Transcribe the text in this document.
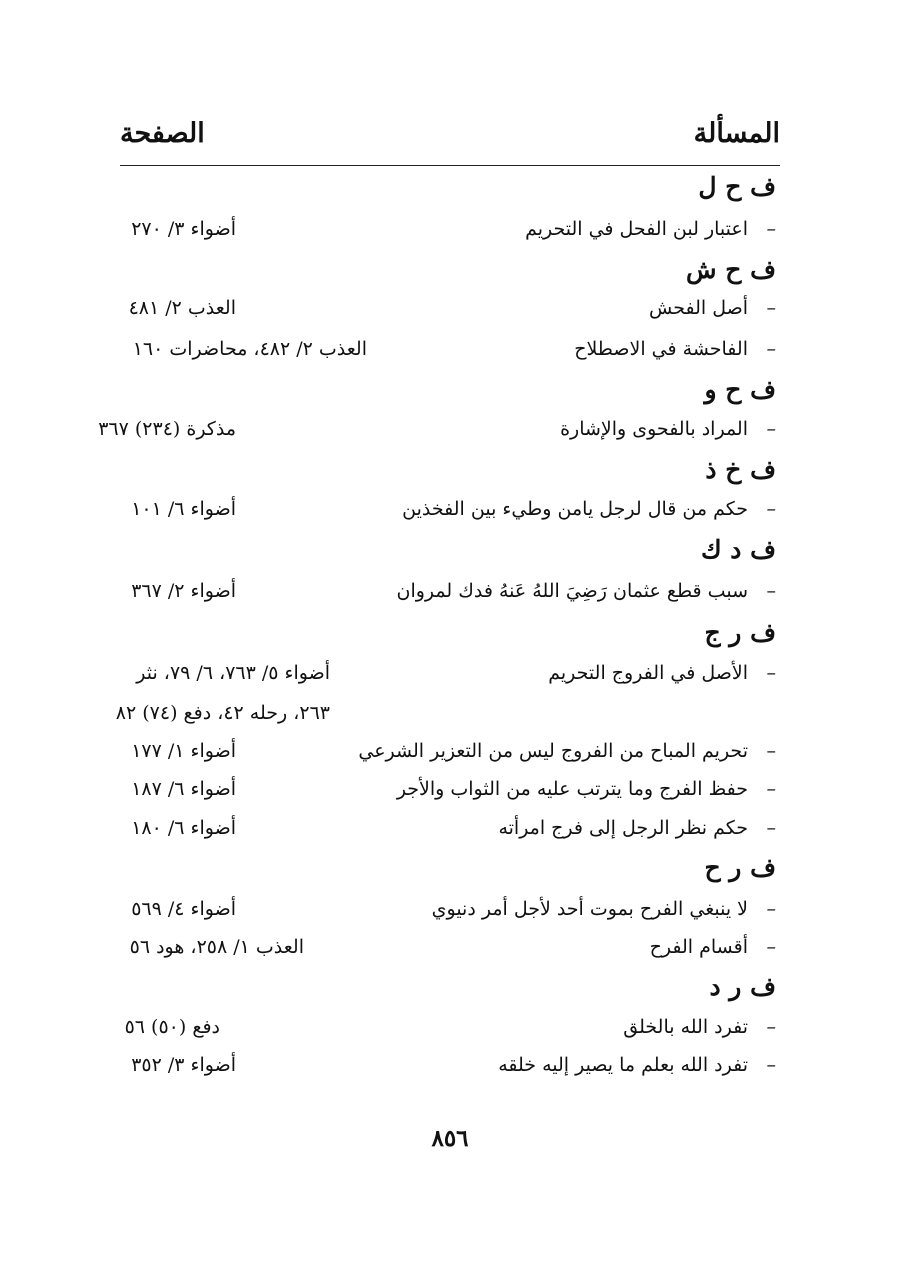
المسألة
الصفحة
ف ح ل
–اعتبار لبن الفحل في التحريم
أضواء ٣/ ٢٧٠
ف ح ش
–أصل الفحش
العذب ٢/ ٤٨١
–الفاحشة في الاصطلاح
العذب ٢/ ٤٨٢، محاضرات ١٦٠
ف ح و
–المراد بالفحوى والإشارة
مذكرة (٢٣٤) ٣٦٧
ف خ ذ
–حكم من قال لرجل يامن وطيء بين الفخذين
أضواء ٦/ ١٠١
ف د ك
–سبب قطع عثمان رَضِيَ اللهُ عَنهُ فدك لمروان
أضواء ٢/ ٣٦٧
ف ر ج
–الأصل في الفروج التحريم
أضواء ٥/ ٧٦٣، ٦/ ٧٩، نثر
٢٦٣، رحله ٤٢، دفع (٧٤) ٨٢
–تحريم المباح من الفروج ليس من التعزير الشرعي
أضواء ١/ ١٧٧
–حفظ الفرج وما يترتب عليه من الثواب والأجر
أضواء ٦/ ١٨٧
–حكم نظر الرجل إلى فرج امرأته
أضواء ٦/ ١٨٠
ف ر ح
–لا ينبغي الفرح بموت أحد لأجل أمر دنيوي
أضواء ٤/ ٥٦٩
–أقسام الفرح
العذب ١/ ٢٥٨، هود ٥٦
ف ر د
–تفرد الله بالخلق
دفع (٥٠) ٥٦
–تفرد الله بعلم ما يصير إليه خلقه
أضواء ٣/ ٣٥٢
٨٥٦
